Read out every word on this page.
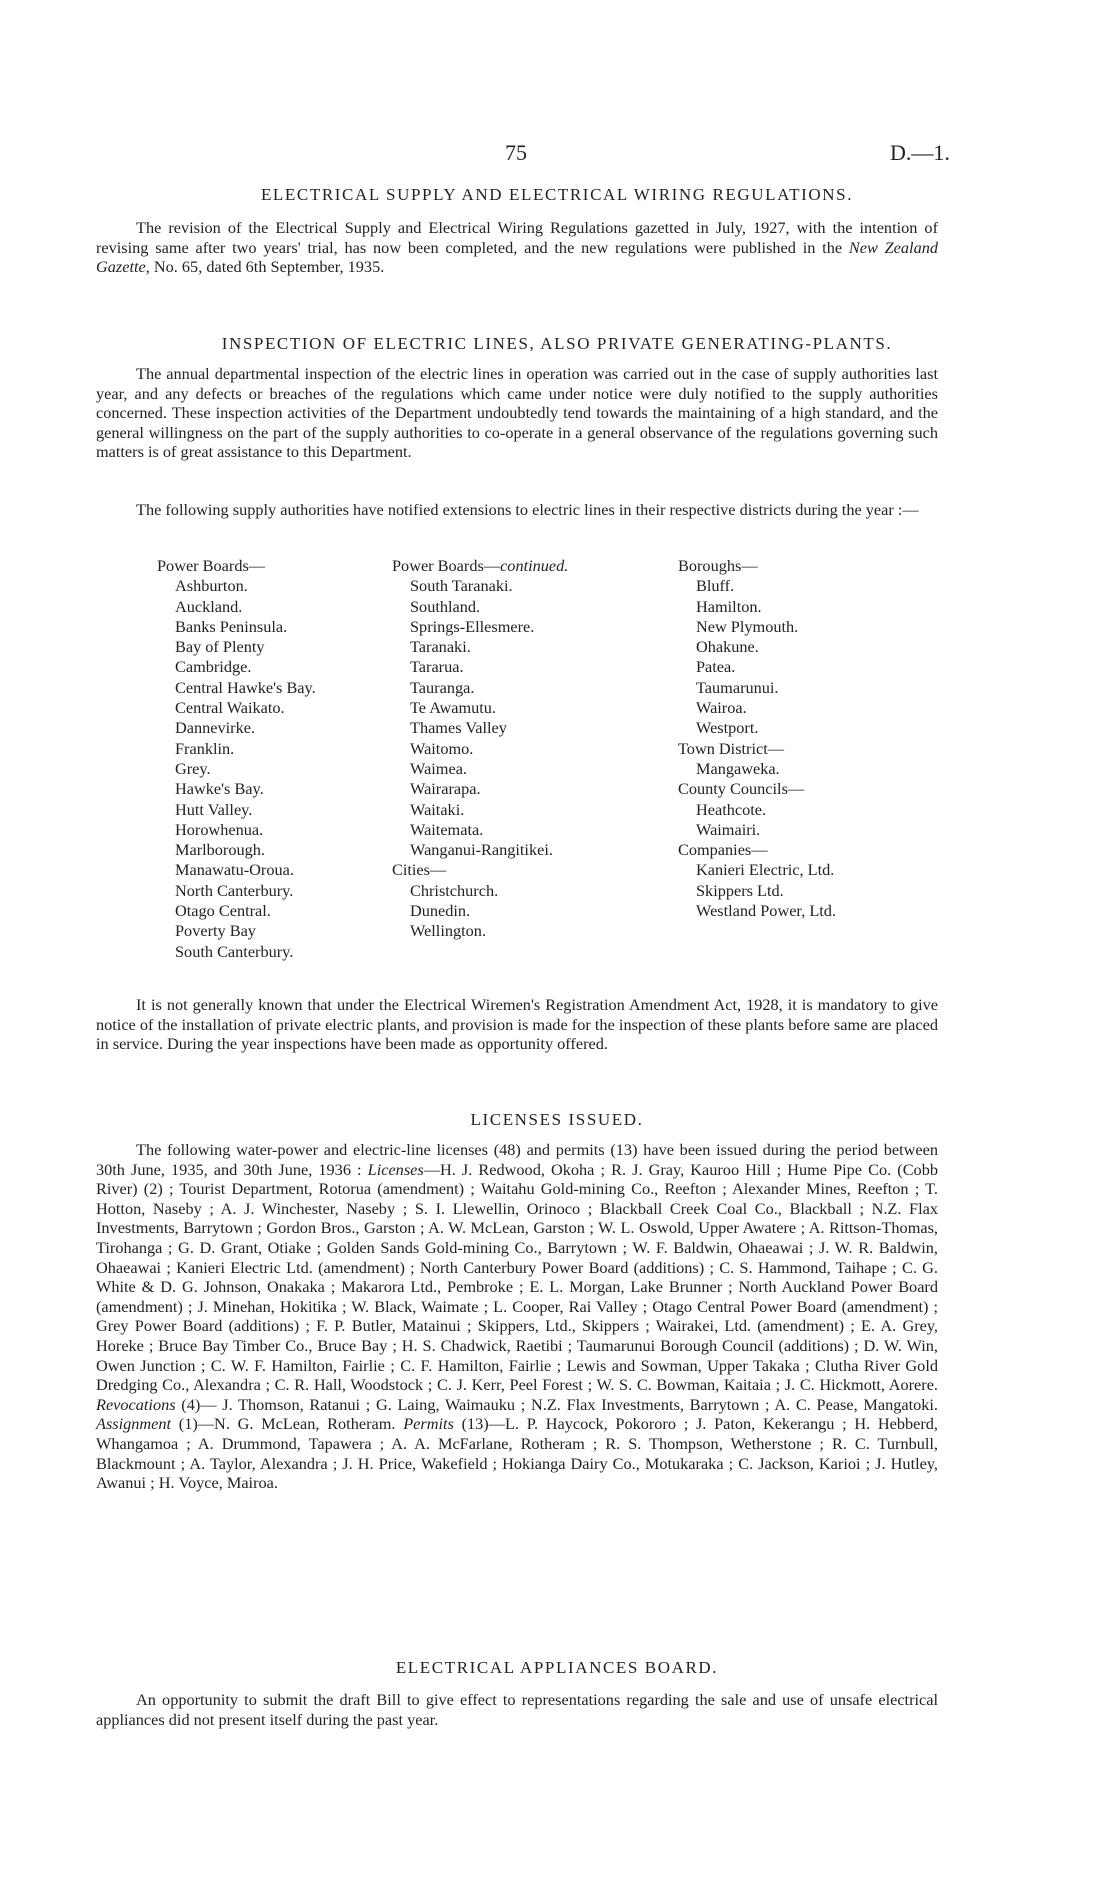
75	D.—1.
ELECTRICAL SUPPLY AND ELECTRICAL WIRING REGULATIONS.
The revision of the Electrical Supply and Electrical Wiring Regulations gazetted in July, 1927, with the intention of revising same after two years' trial, has now been completed, and the new regulations were published in the New Zealand Gazette, No. 65, dated 6th September, 1935.
INSPECTION OF ELECTRIC LINES, ALSO PRIVATE GENERATING-PLANTS.
The annual departmental inspection of the electric lines in operation was carried out in the case of supply authorities last year, and any defects or breaches of the regulations which came under notice were duly notified to the supply authorities concerned. These inspection activities of the Department undoubtedly tend towards the maintaining of a high standard, and the general willingness on the part of the supply authorities to co-operate in a general observance of the regulations governing such matters is of great assistance to this Department.
The following supply authorities have notified extensions to electric lines in their respective districts during the year :—
Power Boards—
Ashburton.
Auckland.
Banks Peninsula.
Bay of Plenty
Cambridge.
Central Hawke's Bay.
Central Waikato.
Dannevirke.
Franklin.
Grey.
Hawke's Bay.
Hutt Valley.
Horowhenua.
Marlborough.
Manawatu-Oroua.
North Canterbury.
Otago Central.
Poverty Bay
South Canterbury.
Power Boards—continued.
South Taranaki.
Southland.
Springs-Ellesmere.
Taranaki.
Tararua.
Tauranga.
Te Awamutu.
Thames Valley
Waitomo.
Waimea.
Wairarapa.
Waitaki.
Waitemata.
Wanganui-Rangitikei.
Cities—
Christchurch.
Dunedin.
Wellington.
Boroughs—
Bluff.
Hamilton.
New Plymouth.
Ohakune.
Patea.
Taumarunui.
Wairoa.
Westport.
Town District—
Mangaweka.
County Councils—
Heathcote.
Waimairi.
Companies—
Kanieri Electric, Ltd.
Skippers Ltd.
Westland Power, Ltd.
It is not generally known that under the Electrical Wiremen's Registration Amendment Act, 1928, it is mandatory to give notice of the installation of private electric plants, and provision is made for the inspection of these plants before same are placed in service. During the year inspections have been made as opportunity offered.
LICENSES ISSUED.
The following water-power and electric-line licenses (48) and permits (13) have been issued during the period between 30th June, 1935, and 30th June, 1936 : Licenses—H. J. Redwood, Okoha ; R. J. Gray, Kauroo Hill ; Hume Pipe Co. (Cobb River) (2) ; Tourist Department, Rotorua (amendment) ; Waitahu Gold-mining Co., Reefton ; Alexander Mines, Reefton ; T. Hotton, Naseby ; A. J. Winchester, Naseby ; S. I. Llewellin, Orinoco ; Blackball Creek Coal Co., Blackball ; N.Z. Flax Investments, Barrytown ; Gordon Bros., Garston ; A. W. McLean, Garston ; W. L. Oswold, Upper Awatere ; A. Rittson-Thomas, Tirohanga ; G. D. Grant, Otiake ; Golden Sands Gold-mining Co., Barrytown ; W. F. Baldwin, Ohaeawai ; J. W. R. Baldwin, Ohaeawai ; Kanieri Electric Ltd. (amendment) ; North Canterbury Power Board (additions) ; C. S. Hammond, Taihape ; C. G. White & D. G. Johnson, Onakaka ; Makarora Ltd., Pembroke ; E. L. Morgan, Lake Brunner ; North Auckland Power Board (amendment) ; J. Minehan, Hokitika ; W. Black, Waimate ; L. Cooper, Rai Valley ; Otago Central Power Board (amendment) ; Grey Power Board (additions) ; F. P. Butler, Matainui ; Skippers, Ltd., Skippers ; Wairakei, Ltd. (amendment) ; E. A. Grey, Horeke ; Bruce Bay Timber Co., Bruce Bay ; H. S. Chadwick, Raetibi ; Taumarunui Borough Council (additions) ; D. W. Win, Owen Junction ; C. W. F. Hamilton, Fairlie ; C. F. Hamilton, Fairlie ; Lewis and Sowman, Upper Takaka ; Clutha River Gold Dredging Co., Alexandra ; C. R. Hall, Woodstock ; C. J. Kerr, Peel Forest ; W. S. C. Bowman, Kaitaia ; J. C. Hickmott, Aorere. Revocations (4)— J. Thomson, Ratanui ; G. Laing, Waimauku ; N.Z. Flax Investments, Barrytown ; A. C. Pease, Mangatoki. Assignment (1)—N. G. McLean, Rotheram. Permits (13)—L. P. Haycock, Pokororo ; J. Paton, Kekerangu ; H. Hebberd, Whangamoa ; A. Drummond, Tapawera ; A. A. McFarlane, Rotheram ; R. S. Thompson, Wetherstone ; R. C. Turnbull, Blackmount ; A. Taylor, Alexandra ; J. H. Price, Wakefield ; Hokianga Dairy Co., Motukaraka ; C. Jackson, Karioi ; J. Hutley, Awanui ; H. Voyce, Mairoa.
ELECTRICAL APPLIANCES BOARD.
An opportunity to submit the draft Bill to give effect to representations regarding the sale and use of unsafe electrical appliances did not present itself during the past year.
